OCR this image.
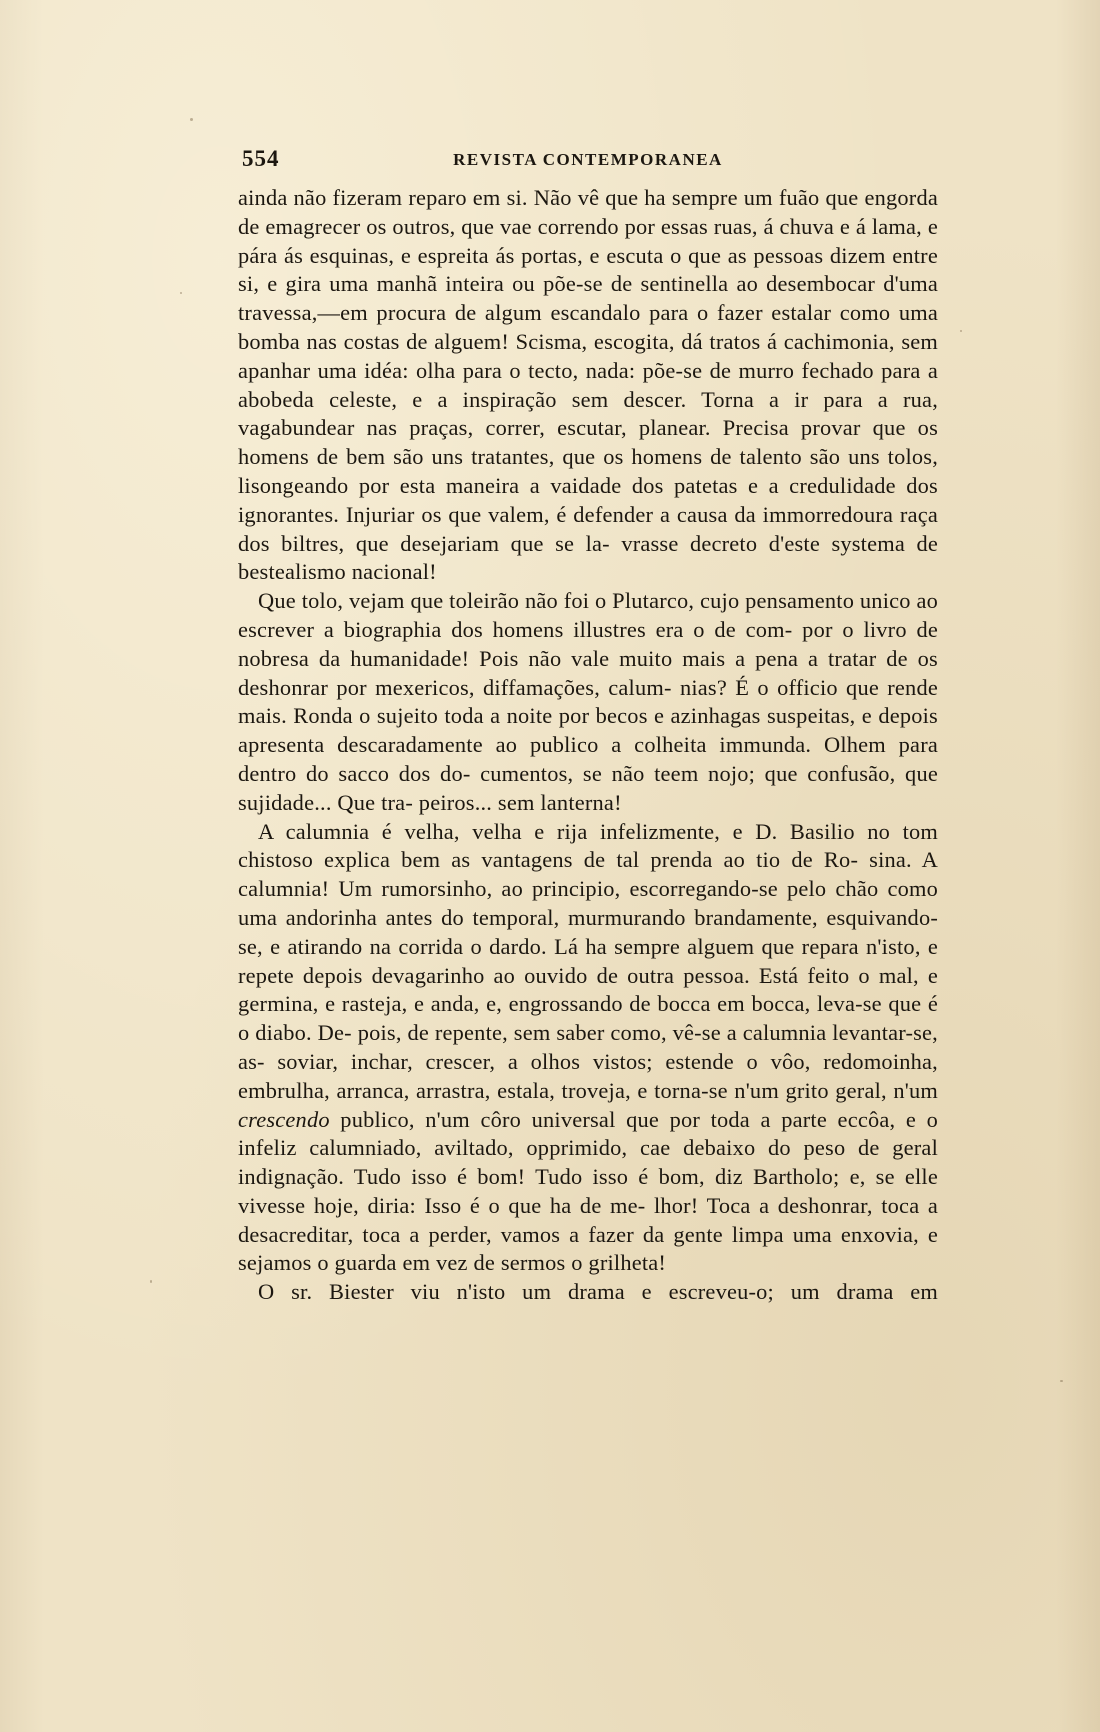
554	REVISTA CONTEMPORANEA

ainda não fizeram reparo em si. Não vê que ha sempre um fuão que engorda de emagrecer os outros, que vae correndo por essas ruas, á chuva e á lama, e pára ás esquinas, e espreita ás portas, e escuta o que as pessoas dizem entre si, e gira uma manhã inteira ou põe-se de sentinella ao desembocar d'uma travessa,—em procura de algum escandalo para o fazer estalar como uma bomba nas costas de alguem! Scisma, escogita, dá tratos á cachimonia, sem apanhar uma idéa: olha para o tecto, nada: põe-se de murro fechado para a abobeda celeste, e a inspiração sem descer. Torna a ir para a rua, vagabundear nas praças, correr, escutar, planear. Precisa provar que os homens de bem são uns tratantes, que os homens de talento são uns tolos, lisongeando por esta maneira a vaidade dos patetas e a credulidade dos ignorantes. Injuriar os que valem, é defender a causa da immorredoura raça dos biltres, que desejariam que se la- vrasse decreto d'este systema de bestealismo nacional!

Que tolo, vejam que toleirão não foi o Plutarco, cujo pensamento unico ao escrever a biographia dos homens illustres era o de com- por o livro de nobresa da humanidade! Pois não vale muito mais a pena a tratar de os deshonrar por mexericos, diffamações, calum- nias? É o officio que rende mais. Ronda o sujeito toda a noite por becos e azinhagas suspeitas, e depois apresenta descaradamente ao publico a colheita immunda. Olhem para dentro do sacco dos do- cumentos, se não teem nojo; que confusão, que sujidade... Que tra- peiros... sem lanterna!

A calumnia é velha, velha e rija infelizmente, e D. Basilio no tom chistoso explica bem as vantagens de tal prenda ao tio de Ro- sina. A calumnia! Um rumorsinho, ao principio, escorregando-se pelo chão como uma andorinha antes do temporal, murmurando brandamente, esquivando-se, e atirando na corrida o dardo. Lá ha sempre alguem que repara n'isto, e repete depois devagarinho ao ouvido de outra pessoa. Está feito o mal, e germina, e rasteja, e anda, e, engrossando de bocca em bocca, leva-se que é o diabo. De- pois, de repente, sem saber como, vê-se a calumnia levantar-se, as- soviar, inchar, crescer, a olhos vistos; estende o vôo, redomoinha, embrulha, arranca, arrastra, estala, troveja, e torna-se n'um grito geral, n'um crescendo publico, n'um côro universal que por toda a parte eccôa, e o infeliz calumniado, aviltado, opprimido, cae debaixo do peso de geral indignação. Tudo isso é bom! Tudo isso é bom, diz Bartholo; e, se elle vivesse hoje, diria: Isso é o que ha de me- lhor! Toca a deshonrar, toca a desacreditar, toca a perder, vamos a fazer da gente limpa uma enxovia, e sejamos o guarda em vez de sermos o grilheta!

O sr. Biester viu n'isto um drama e escreveu-o; um drama em
